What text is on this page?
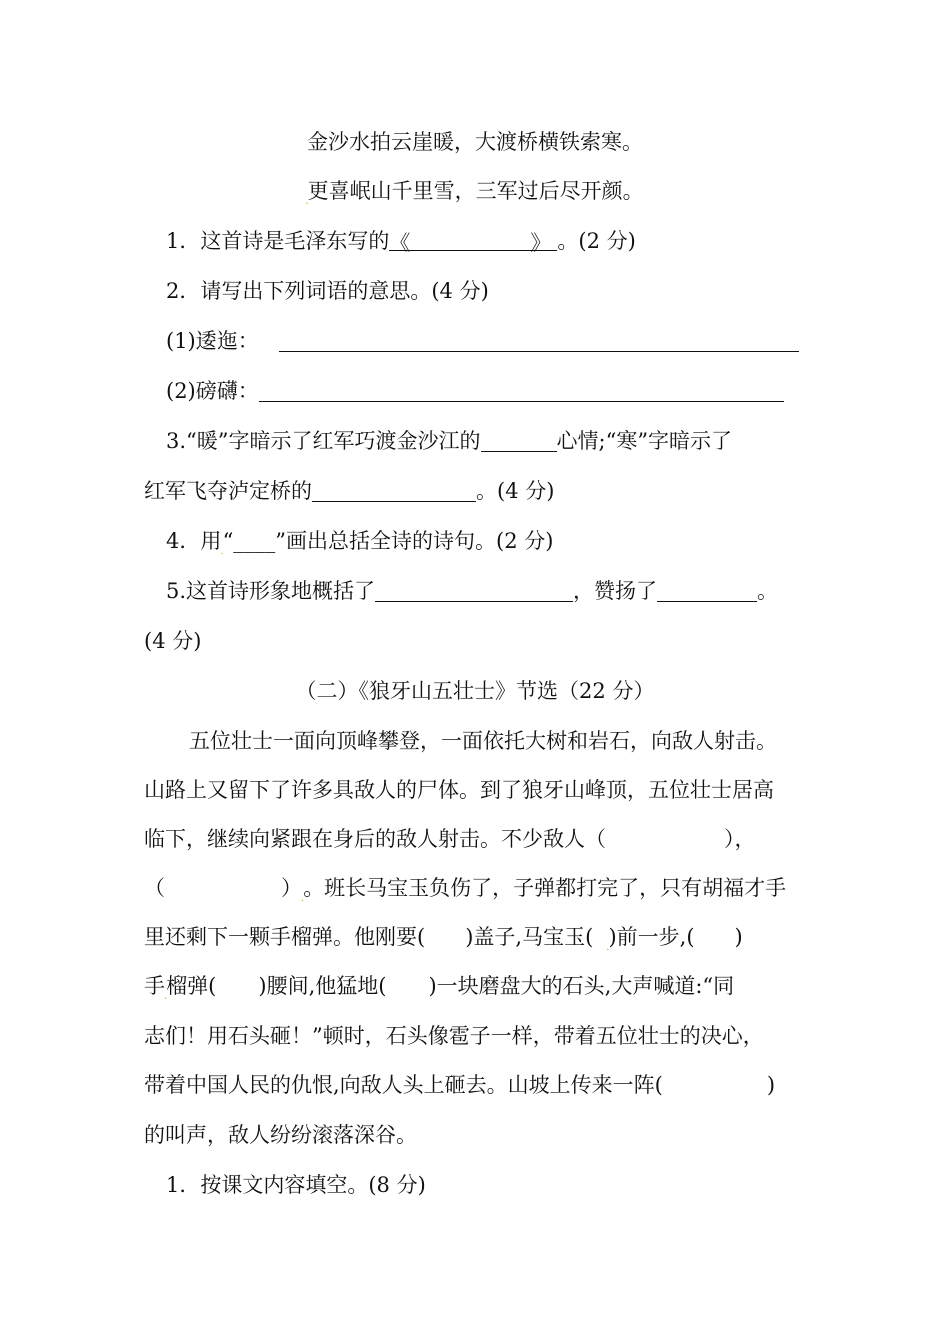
金沙水拍云崖暖，大渡桥横铁索寒。
$_.$更喜岷山千里雪，三军过后尽开颜。
1．这首诗是毛泽东写的《	》 。(2 分)
2．请写出下列词语的意思。(4 分)
(1)逶迤：
(2)磅礴：
3.“暖”字暗示了红军巧渡金沙江的	心情;“寒”字暗示了
红军飞夺泸定桥的	。(4 分)
4．用$_.$“____”画出总括全诗的诗句。(2 分)
5.这首诗形象地概括了	，赞扬了	。
(4 分)
（二）《狼牙山五壮士》节选（22 分）
五位壮士一面向顶峰攀登，一面依托大树和岩石，向敌人射击。
山路上又留下了许多具敌人的尸体。到了狼牙山峰顶，五位壮士居高
临下，继续向紧跟在身后的敌人射击。不少敌人（	），
（	）$_.$。班长马宝玉负伤了，子弹都打完了，只有胡福才手
里还剩下一颗手榴弹。他刚要( )盖子,马宝玉( $_.$)前一步,( )
手$_.$榴弹( )腰间,他猛地( )一块磨盘大的石头,大声喊道:“同
志们！用石头砸！”顿时，石头像雹子一样，带着五位壮士的决心，
带着中国人民的仇恨,向敌人头上砸去。山坡上传来一阵(	)
的叫声，敌人纷纷滚落深谷。
1．按课文内容填空。(8 分)
